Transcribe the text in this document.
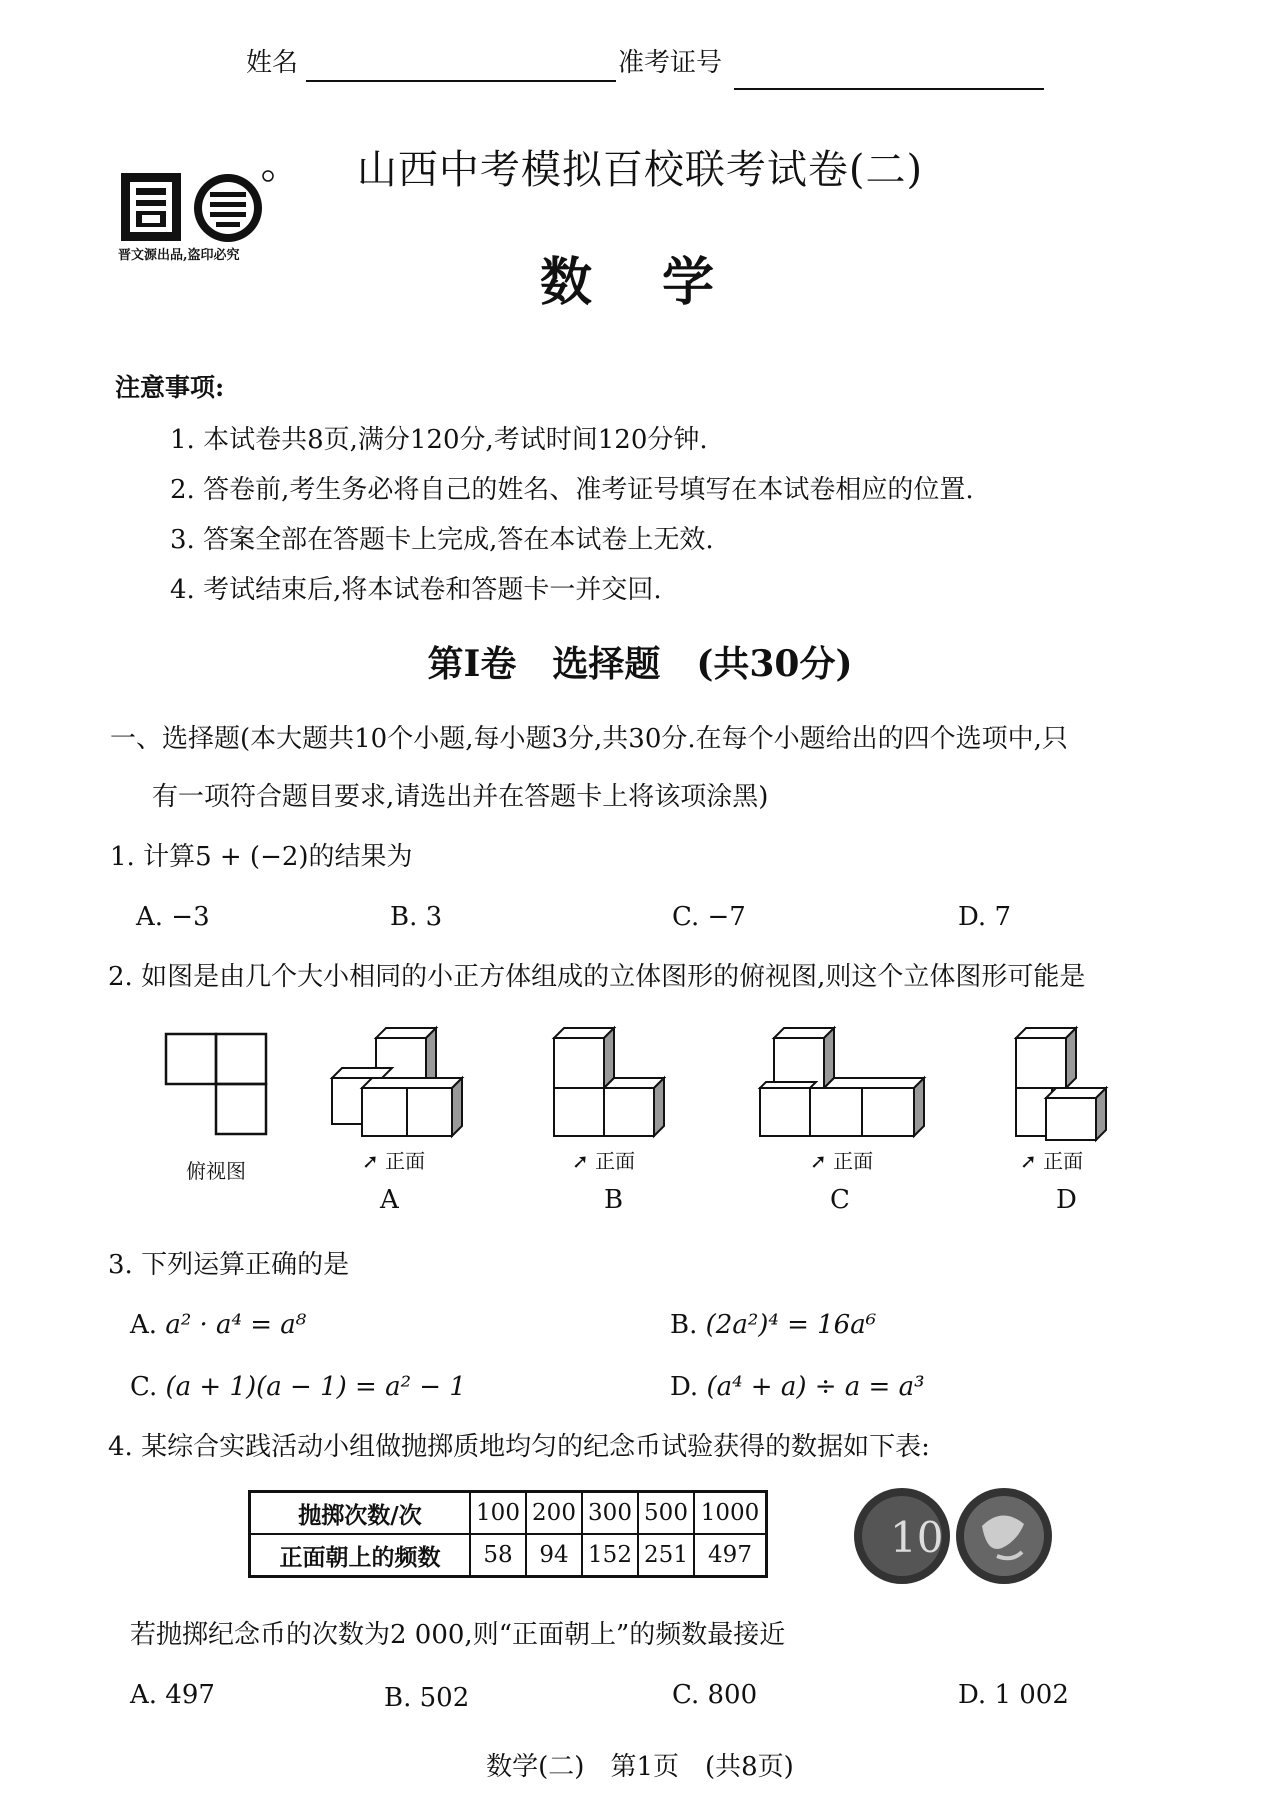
姓名	准考证号
晋文源出品,盗印必究
山西中考模拟百校联考试卷(二)
数学
注意事项:
1. 本试卷共8页,满分120分,考试时间120分钟.
2. 答卷前,考生务必将自己的姓名、准考证号填写在本试卷相应的位置.
3. 答案全部在答题卡上完成,答在本试卷上无效.
4. 考试结束后,将本试卷和答题卡一并交回.
第Ⅰ卷　选择题　(共30分)
一、选择题(本大题共10个小题,每小题3分,共30分.在每个小题给出的四个选项中,只
有一项符合题目要求,请选出并在答题卡上将该项涂黑)
1. 计算5 + (−2)的结果为
A. −3	B. 3	C. −7	D. 7
2. 如图是由几个大小相同的小正方体组成的立体图形的俯视图,则这个立体图形可能是
俯视图	➚ 正面	➚ 正面	➚ 正面	➚ 正面
A	B	C	D
3. 下列运算正确的是
A. a² · a⁴ = a⁸	B. (2a²)⁴ = 16a⁶
C. (a + 1)(a − 1) = a² − 1	D. (a⁴ + a) ÷ a = a³
4. 某综合实践活动小组做抛掷质地均匀的纪念币试验获得的数据如下表:
抛掷次数/次	100	200	300	500	1000
正面朝上的频数	58	94	152	251	497	10
若抛掷纪念币的次数为2 000,则“正面朝上”的频数最接近
A. 497	B. 502	C. 800	D. 1 002
数学(二)　第1页　(共8页)
